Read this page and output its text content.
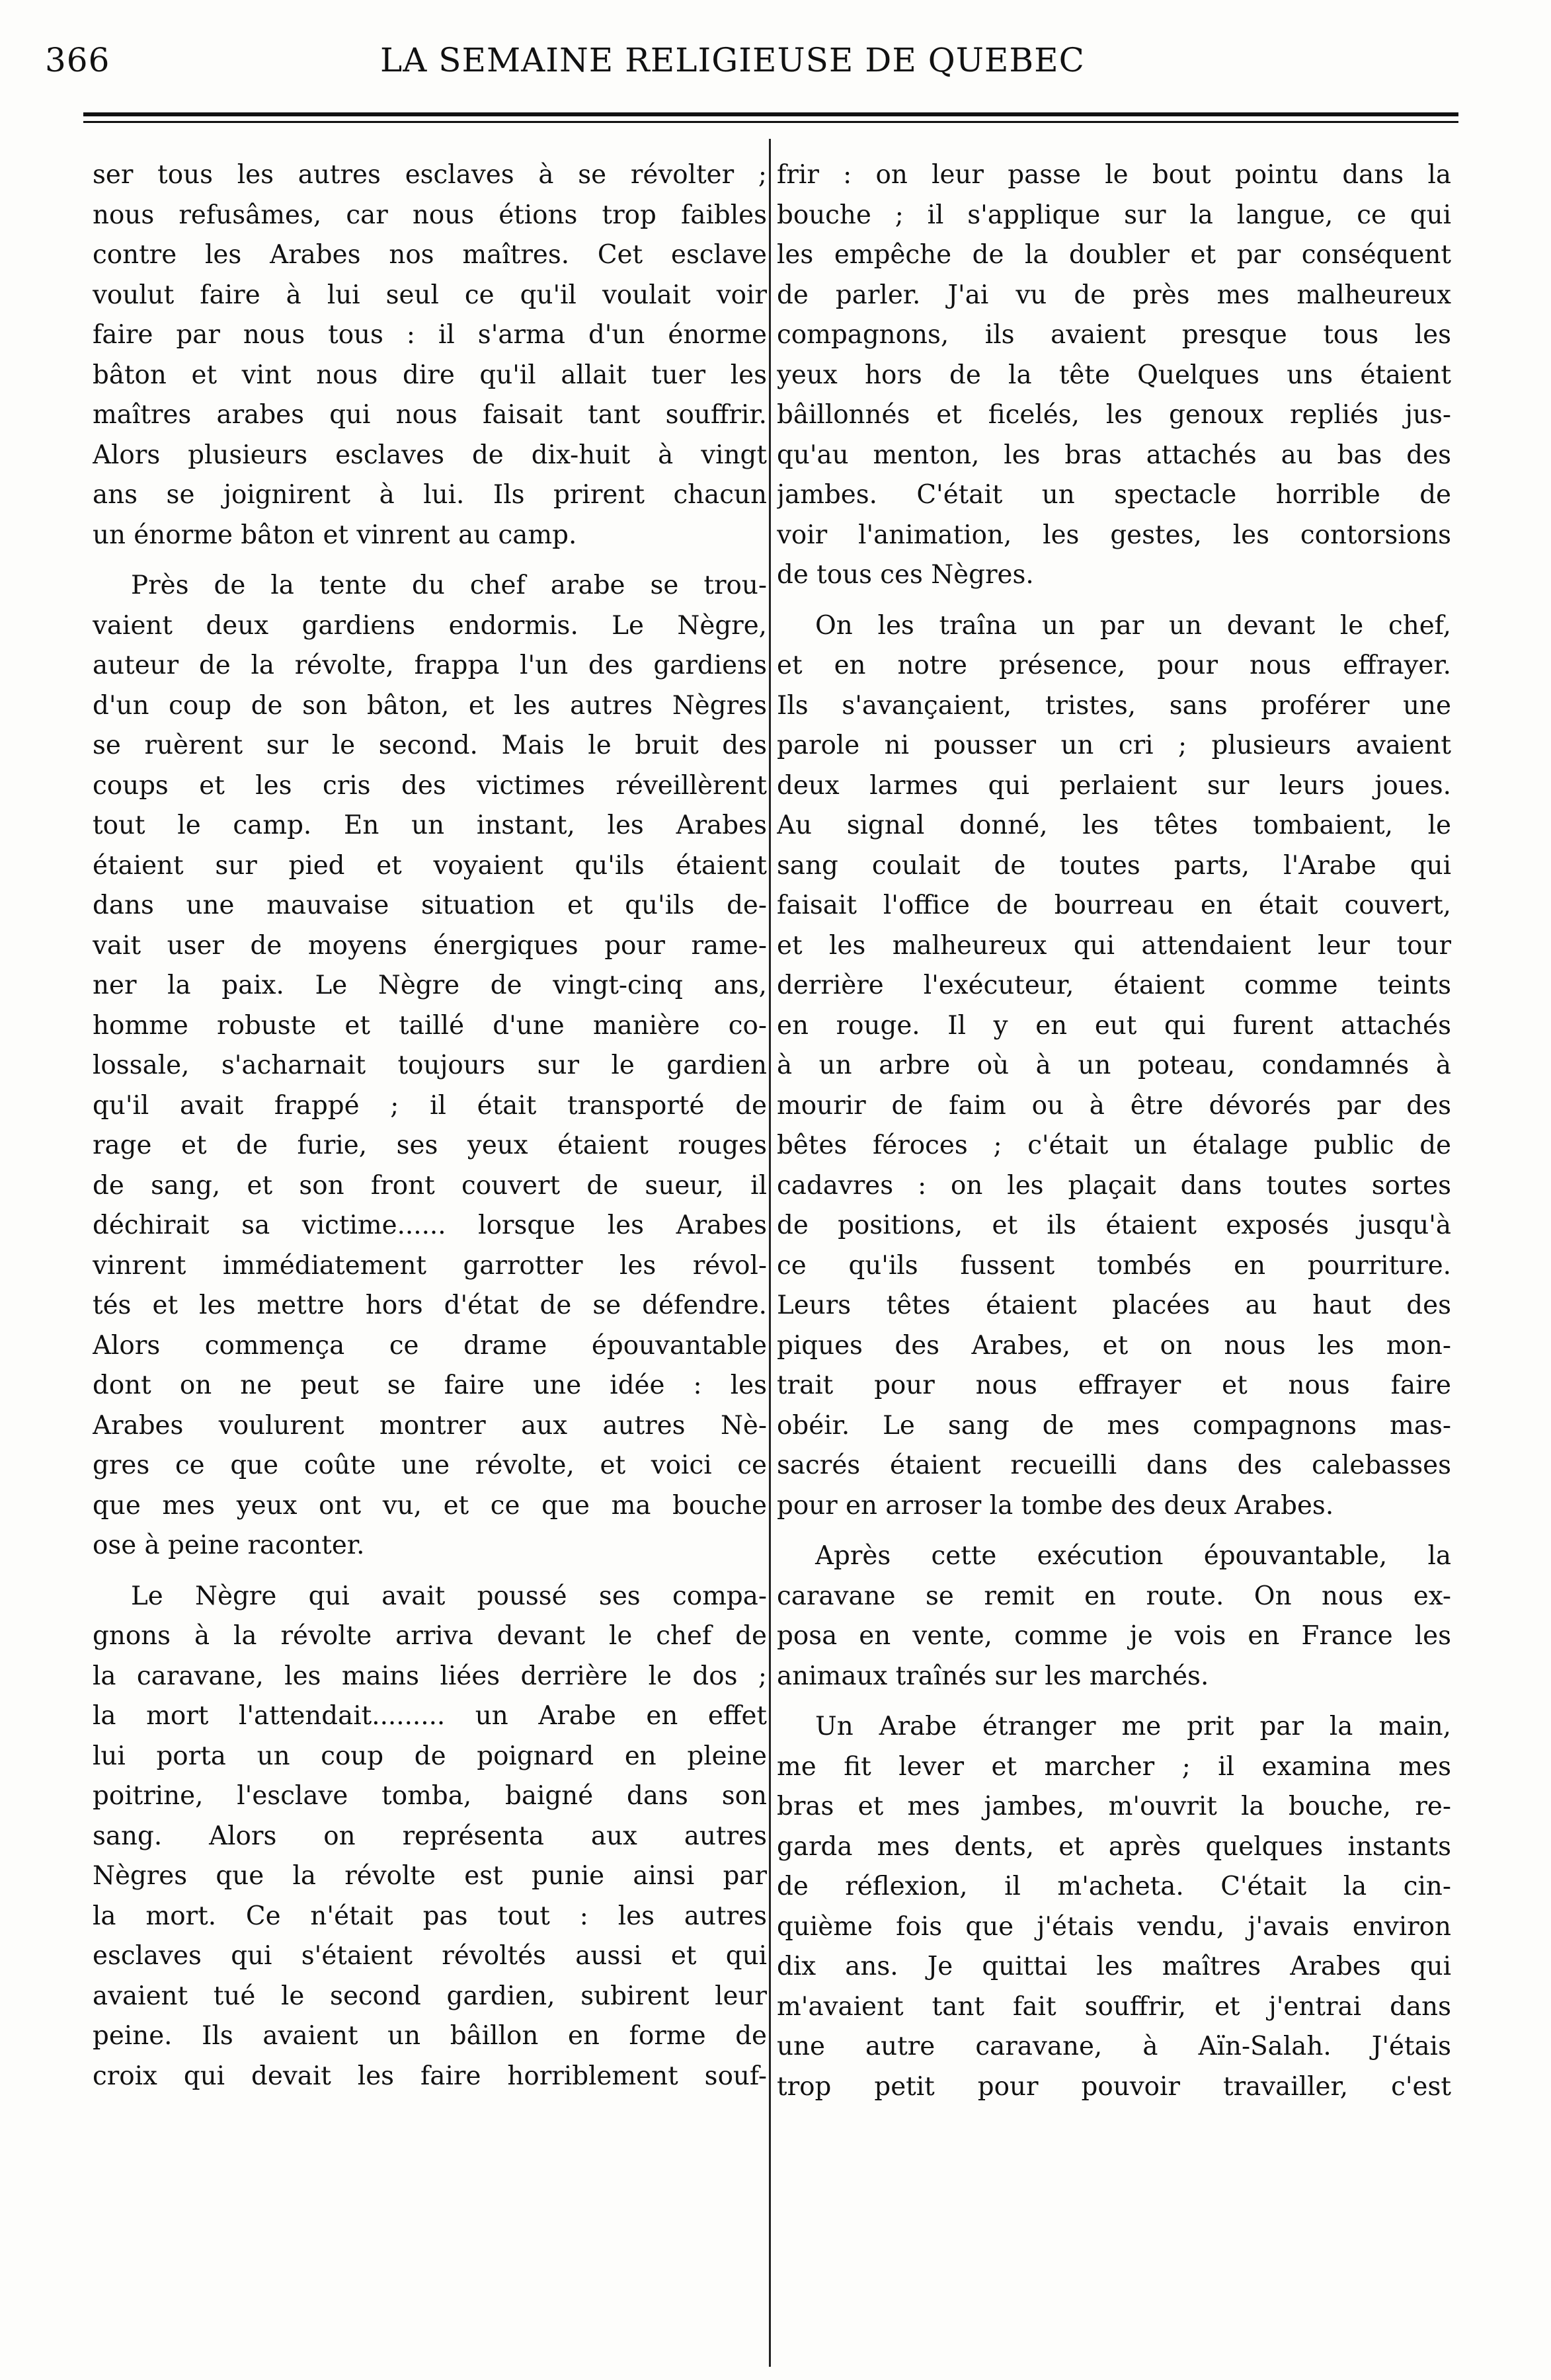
366	LA SEMAINE RELIGIEUSE DE QUEBEC
ser tous les autres esclaves à se révolter ;
nous refusâmes, car nous étions trop faibles
contre les Arabes nos maîtres. Cet esclave
voulut faire à lui seul ce qu'il voulait voir
faire par nous tous : il s'arma d'un énorme
bâton et vint nous dire qu'il allait tuer les
maîtres arabes qui nous faisait tant souffrir.
Alors plusieurs esclaves de dix-huit à vingt
ans se joignirent à lui. Ils prirent chacun
un énorme bâton et vinrent au camp.
Près de la tente du chef arabe se trou-
vaient deux gardiens endormis. Le Nègre,
auteur de la révolte, frappa l'un des gardiens
d'un coup de son bâton, et les autres Nègres
se ruèrent sur le second. Mais le bruit des
coups et les cris des victimes réveillèrent
tout le camp. En un instant, les Arabes
étaient sur pied et voyaient qu'ils étaient
dans une mauvaise situation et qu'ils de-
vait user de moyens énergiques pour rame-
ner la paix. Le Nègre de vingt-cinq ans,
homme robuste et taillé d'une manière co-
lossale, s'acharnait toujours sur le gardien
qu'il avait frappé ; il était transporté de
rage et de furie, ses yeux étaient rouges
de sang, et son front couvert de sueur, il
déchirait sa victime...... lorsque les Arabes
vinrent immédiatement garrotter les révol-
tés et les mettre hors d'état de se défendre.
Alors commença ce drame épouvantable
dont on ne peut se faire une idée : les
Arabes voulurent montrer aux autres Nè-
gres ce que coûte une révolte, et voici ce
que mes yeux ont vu, et ce que ma bouche
ose à peine raconter.
Le Nègre qui avait poussé ses compa-
gnons à la révolte arriva devant le chef de
la caravane, les mains liées derrière le dos ;
la mort l'attendait......... un Arabe en effet
lui porta un coup de poignard en pleine
poitrine, l'esclave tomba, baigné dans son
sang. Alors on représenta aux autres
Nègres que la révolte est punie ainsi par
la mort. Ce n'était pas tout : les autres
esclaves qui s'étaient révoltés aussi et qui
avaient tué le second gardien, subirent leur
peine. Ils avaient un bâillon en forme de
croix qui devait les faire horriblement souf-
frir : on leur passe le bout pointu dans la
bouche ; il s'applique sur la langue, ce qui
les empêche de la doubler et par conséquent
de parler. J'ai vu de près mes malheureux
compagnons, ils avaient presque tous les
yeux hors de la tête Quelques uns étaient
bâillonnés et ficelés, les genoux repliés jus-
qu'au menton, les bras attachés au bas des
jambes. C'était un spectacle horrible de
voir l'animation, les gestes, les contorsions
de tous ces Nègres.
On les traîna un par un devant le chef,
et en notre présence, pour nous effrayer.
Ils s'avançaient, tristes, sans proférer une
parole ni pousser un cri ; plusieurs avaient
deux larmes qui perlaient sur leurs joues.
Au signal donné, les têtes tombaient, le
sang coulait de toutes parts, l'Arabe qui
faisait l'office de bourreau en était couvert,
et les malheureux qui attendaient leur tour
derrière l'exécuteur, étaient comme teints
en rouge. Il y en eut qui furent attachés
à un arbre où à un poteau, condamnés à
mourir de faim ou à être dévorés par des
bêtes féroces ; c'était un étalage public de
cadavres : on les plaçait dans toutes sortes
de positions, et ils étaient exposés jusqu'à
ce qu'ils fussent tombés en pourriture.
Leurs têtes étaient placées au haut des
piques des Arabes, et on nous les mon-
trait pour nous effrayer et nous faire
obéir. Le sang de mes compagnons mas-
sacrés étaient recueilli dans des calebasses
pour en arroser la tombe des deux Arabes.
Après cette exécution épouvantable, la
caravane se remit en route. On nous ex-
posa en vente, comme je vois en France les
animaux traînés sur les marchés.
Un Arabe étranger me prit par la main,
me fit lever et marcher ; il examina mes
bras et mes jambes, m'ouvrit la bouche, re-
garda mes dents, et après quelques instants
de réflexion, il m'acheta. C'était la cin-
quième fois que j'étais vendu, j'avais environ
dix ans. Je quittai les maîtres Arabes qui
m'avaient tant fait souffrir, et j'entrai dans
une autre caravane, à Aïn-Salah. J'étais
trop petit pour pouvoir travailler, c'est
